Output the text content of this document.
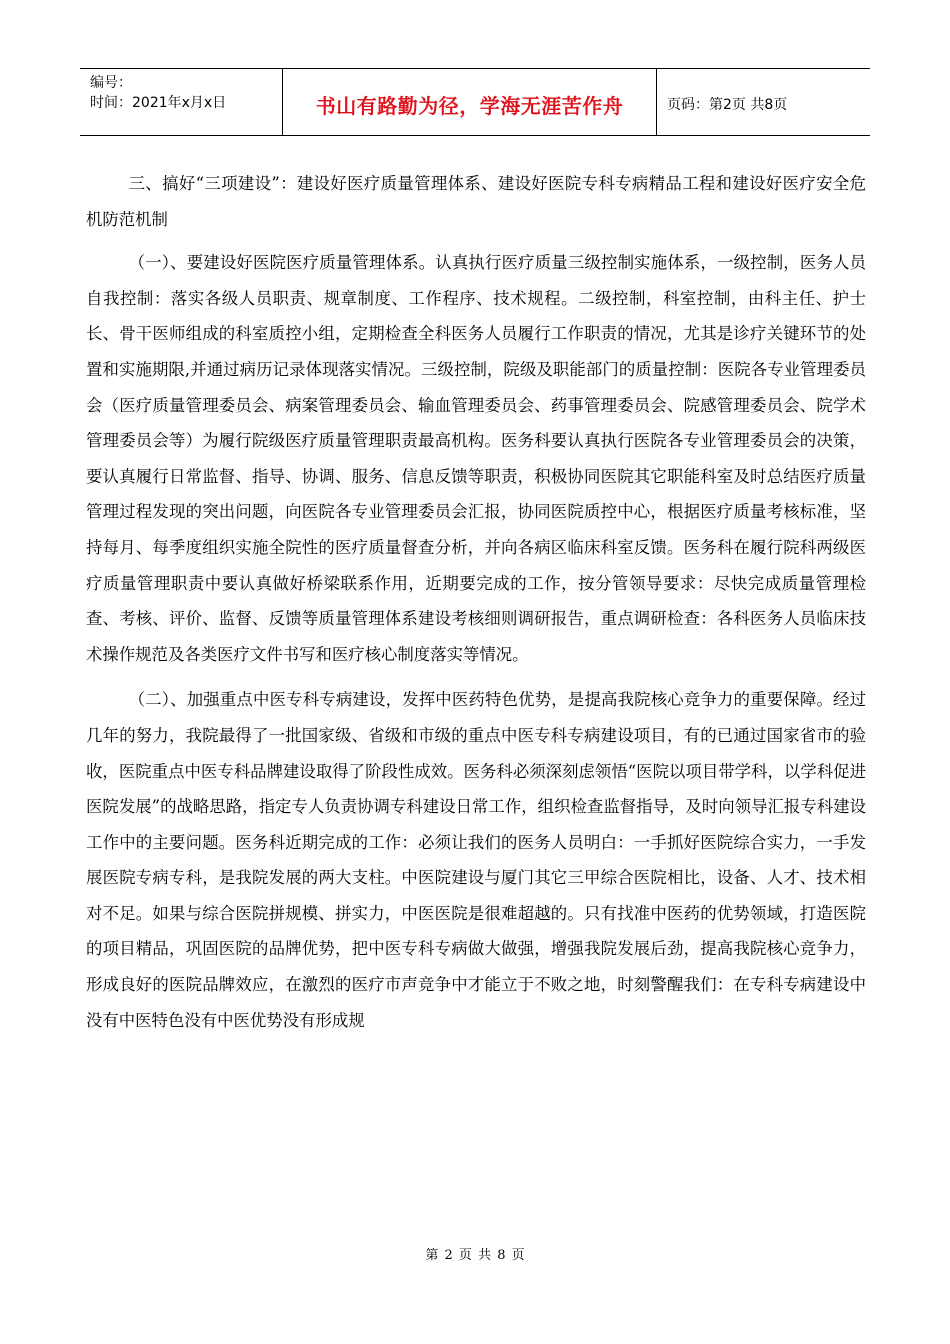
编号：
时间：2021年x月x日	书山有路勤为径，学海无涯苦作舟	页码：第2页 共8页

三、搞好“三项建设”：建设好医疗质量管理体系、建设好医院专科专病精品工程和建设好医疗安全危机防范机制

（一）、要建设好医院医疗质量管理体系。认真执行医疗质量三级控制实施体系，一级控制，医务人员自我控制：落实各级人员职责、规章制度、工作程序、技术规程。二级控制，科室控制，由科主任、护士长、骨干医师组成的科室质控小组，定期检查全科医务人员履行工作职责的情况，尤其是诊疗关键环节的处置和实施期限,并通过病历记录体现落实情况。三级控制，院级及职能部门的质量控制：医院各专业管理委员会（医疗质量管理委员会、病案管理委员会、输血管理委员会、药事管理委员会、院感管理委员会、院学术管理委员会等）为履行院级医疗质量管理职责最高机构。医务科要认真执行医院各专业管理委员会的决策，要认真履行日常监督、指导、协调、服务、信息反馈等职责，积极协同医院其它职能科室及时总结医疗质量管理过程发现的突出问题，向医院各专业管理委员会汇报，协同医院质控中心，根据医疗质量考核标准，坚持每月、每季度组织实施全院性的医疗质量督查分析，并向各病区临床科室反馈。医务科在履行院科两级医疗质量管理职责中要认真做好桥梁联系作用，近期要完成的工作，按分管领导要求：尽快完成质量管理检查、考核、评价、监督、反馈等质量管理体系建设考核细则调研报告，重点调研检查：各科医务人员临床技术操作规范及各类医疗文件书写和医疗核心制度落实等情况。

（二）、加强重点中医专科专病建设，发挥中医药特色优势，是提高我院核心竞争力的重要保障。经过几年的努力，我院最得了一批国家级、省级和市级的重点中医专科专病建设项目，有的已通过国家省市的验收，医院重点中医专科品牌建设取得了阶段性成效。医务科必须深刻虑领悟“医院以项目带学科，以学科促进医院发展”的战略思路，指定专人负责协调专科建设日常工作，组织检查监督指导，及时向领导汇报专科建设工作中的主要问题。医务科近期完成的工作：必须让我们的医务人员明白：一手抓好医院综合实力，一手发展医院专病专科，是我院发展的两大支柱。中医院建设与厦门其它三甲综合医院相比，设备、人才、技术相对不足。如果与综合医院拼规模、拼实力，中医医院是很难超越的。只有找准中医药的优势领域，打造医院的项目精品，巩固医院的品牌优势，把中医专科专病做大做强，增强我院发展后劲，提高我院核心竞争力，形成良好的医院品牌效应，在激烈的医疗市声竞争中才能立于不败之地，时刻警醒我们：在专科专病建设中没有中医特色没有中医优势没有形成规

第 2 页 共 8 页
